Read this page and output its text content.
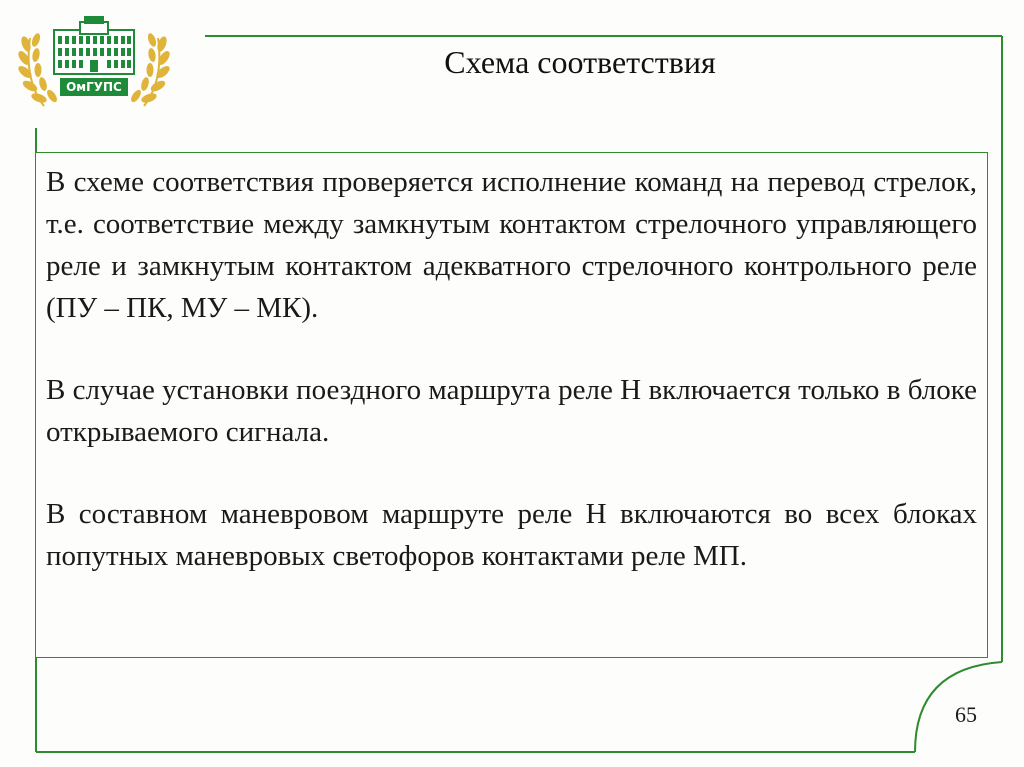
ОмГУПС
Схема соответствия

В схеме соответствия проверяется исполнение команд на перевод стрелок, т.е. соответствие между замкнутым контактом стрелочного управляющего реле и замкнутым контактом адекватного стрелочного контрольного реле (ПУ – ПК, МУ – МК).

В случае установки поездного маршрута реле Н включается только в блоке открываемого сигнала.

В составном маневровом маршруте реле Н включаются во всех блоках попутных маневровых светофоров контактами реле МП.

65
